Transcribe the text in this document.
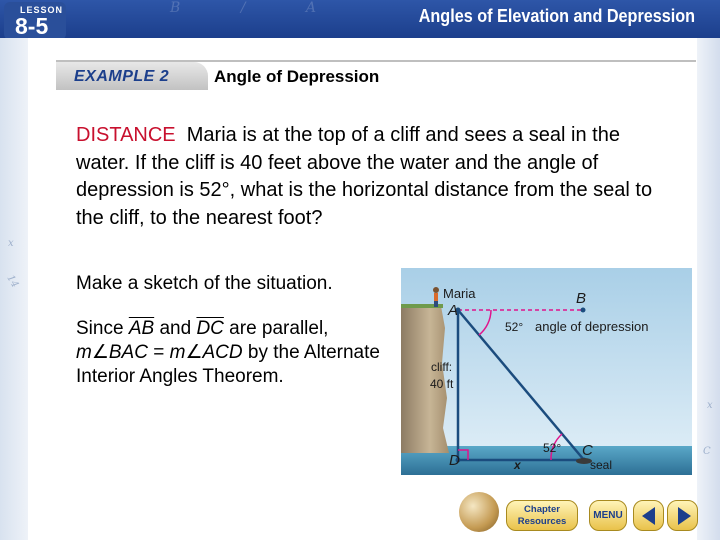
B / A
LESSON
8-5	Angles of Elevation and Depression
x
14
x
C
EXAMPLE 2	Angle of Depression
DISTANCE Maria is at the top of a cliff and sees a seal in the water. If the cliff is 40 feet above the water and the angle of depression is 52°, what is the horizontal distance from the seal to the cliff, to the nearest foot?
Make a sketch of the situation.
Since $\overline{AB}$ and $\overline{DC}$ are parallel,
m∠BAC = m∠ACD by the Alternate Interior Angles Theorem.
Maria
A
B
52° angle of depression
cliff:
40 ft
52° C
D	x	seal
Chapter
Resources
MENU
